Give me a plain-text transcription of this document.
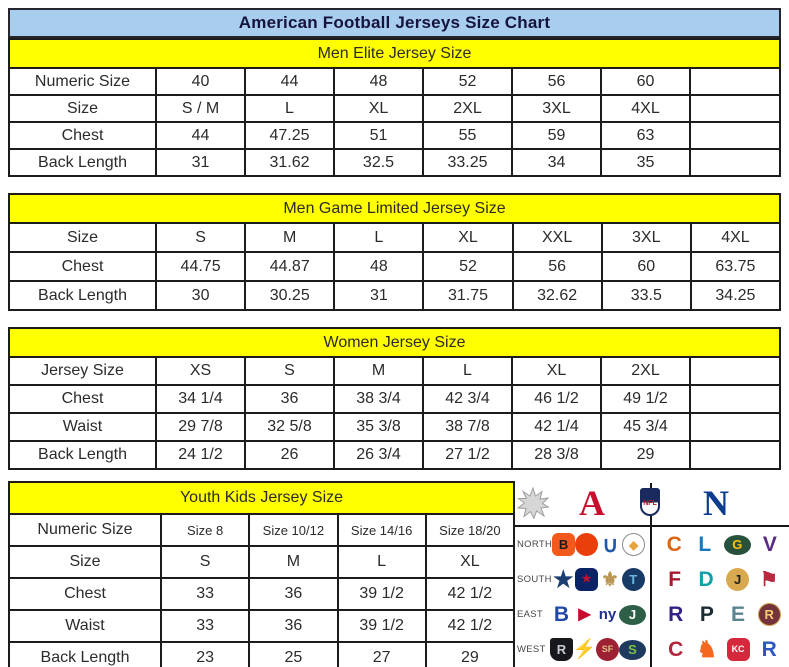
American Football Jerseys Size Chart
Men Elite Jersey Size							
Numeric Size	40	44	48	52	56	60	
Size	S / M	L	XL	2XL	3XL	4XL	
Chest	44	47.25	51	55	59	63	
Back Length	31	31.62	32.5	33.25	34	35	
Men Game Limited Jersey Size							
Size	S	M	L	XL	XXL	3XL	4XL
Chest	44.75	44.87	48	52	56	60	63.75
Back Length	30	30.25	31	31.75	32.62	33.5	34.25
Women Jersey Size							
Jersey Size	XS	S	M	L	XL	2XL	
Chest	34 1/4	36	38 3/4	42 3/4	46 1/2	49 1/2	
Waist	29 7/8	32 5/8	35 3/8	38 7/8	42 1/4	45 3/4	
Back Length	24 1/2	26	26 3/4	27 1/2	28 3/8	29	
Youth Kids Jersey Size				
Numeric Size	Size 8	Size 10/12	Size 14/16	Size 18/20
Size	S	M	L	XL
Chest	33	36	39 1/2	42 1/2
Waist	33	36	39 1/2	42 1/2
Back Length	23	25	27	29
A	NFL N
NORTH B	∪ ◆	C L	G V
SOUTH ★ ★ ⚜ T	F D	J ⚑
EAST B ▶ ny J	R P E	R
WEST R ⚡ SF	S	C ♞	KC R
